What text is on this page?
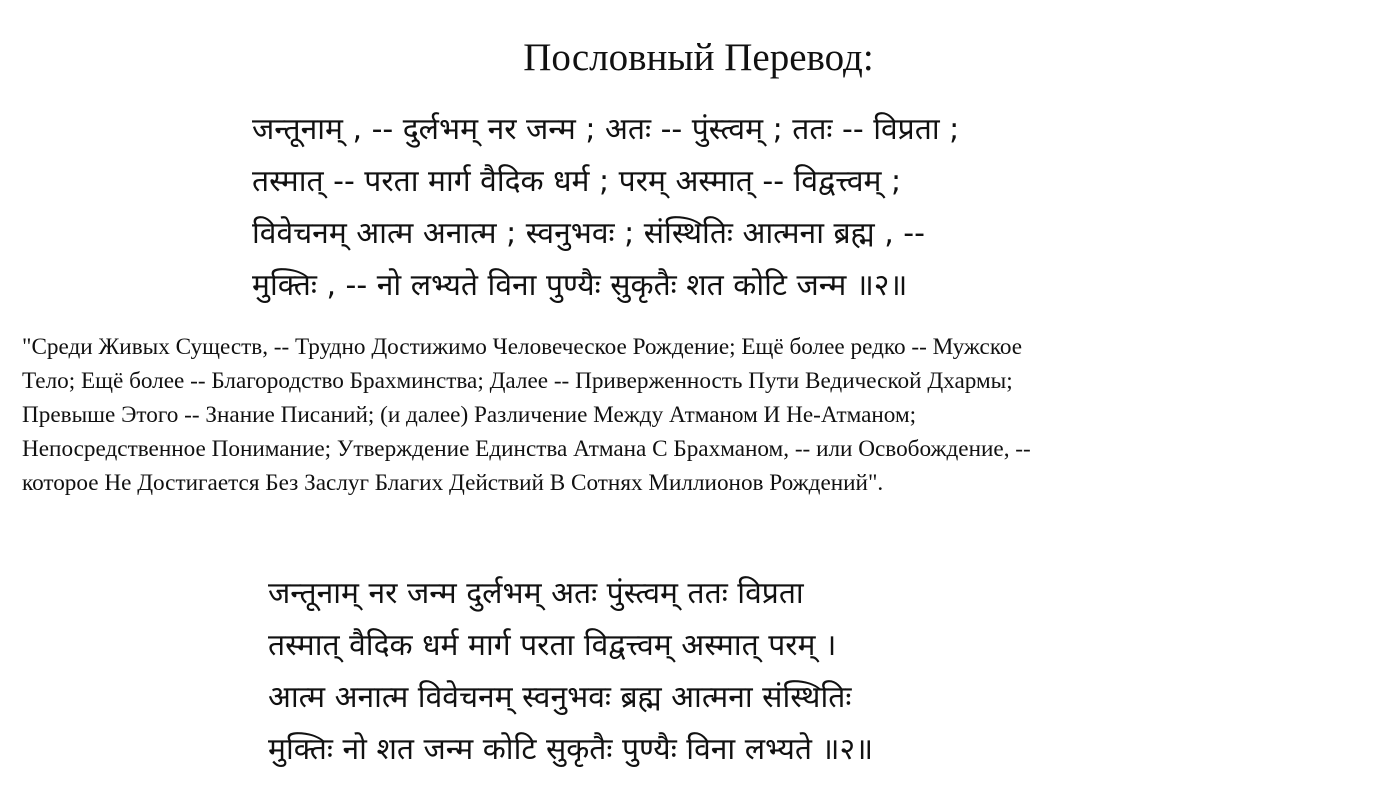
Пословный Перевод:
जन्तूनाम् , -- दुर्लभम् नर जन्म ; अतः -- पुंस्त्वम् ; ततः -- विप्रता ;
तस्मात् -- परता मार्ग वैदिक धर्म ; परम् अस्मात् -- विद्वत्त्वम् ;
विवेचनम् आत्म अनात्म ; स्वनुभवः ; संस्थितिः आत्मना ब्रह्म , --
मुक्तिः , -- नो लभ्यते विना पुण्यैः सुकृतैः शत कोटि जन्म ॥२॥
"Среди Живых Существ, -- Трудно Достижимо Человеческое Рождение; Ещё более редко -- Мужское
Тело; Ещё более -- Благородство Брахминства; Далее -- Приверженность Пути Ведической Дхармы;
Превыше Этого -- Знание Писаний; (и далее) Различение Между Атманом И Не-Атманом;
Непосредственное Понимание; Утверждение Единства Атмана С Брахманом, -- или Освобождение, --
которое Не Достигается Без Заслуг Благих Действий В Сотнях Миллионов Рождений".
जन्तूनाम् नर जन्म दुर्लभम् अतः पुंस्त्वम् ततः विप्रता
तस्मात् वैदिक धर्म मार्ग परता विद्वत्त्वम् अस्मात् परम् ।
आत्म अनात्म विवेचनम् स्वनुभवः ब्रह्म आत्मना संस्थितिः
मुक्तिः नो शत जन्म कोटि सुकृतैः पुण्यैः विना लभ्यते ॥२॥
